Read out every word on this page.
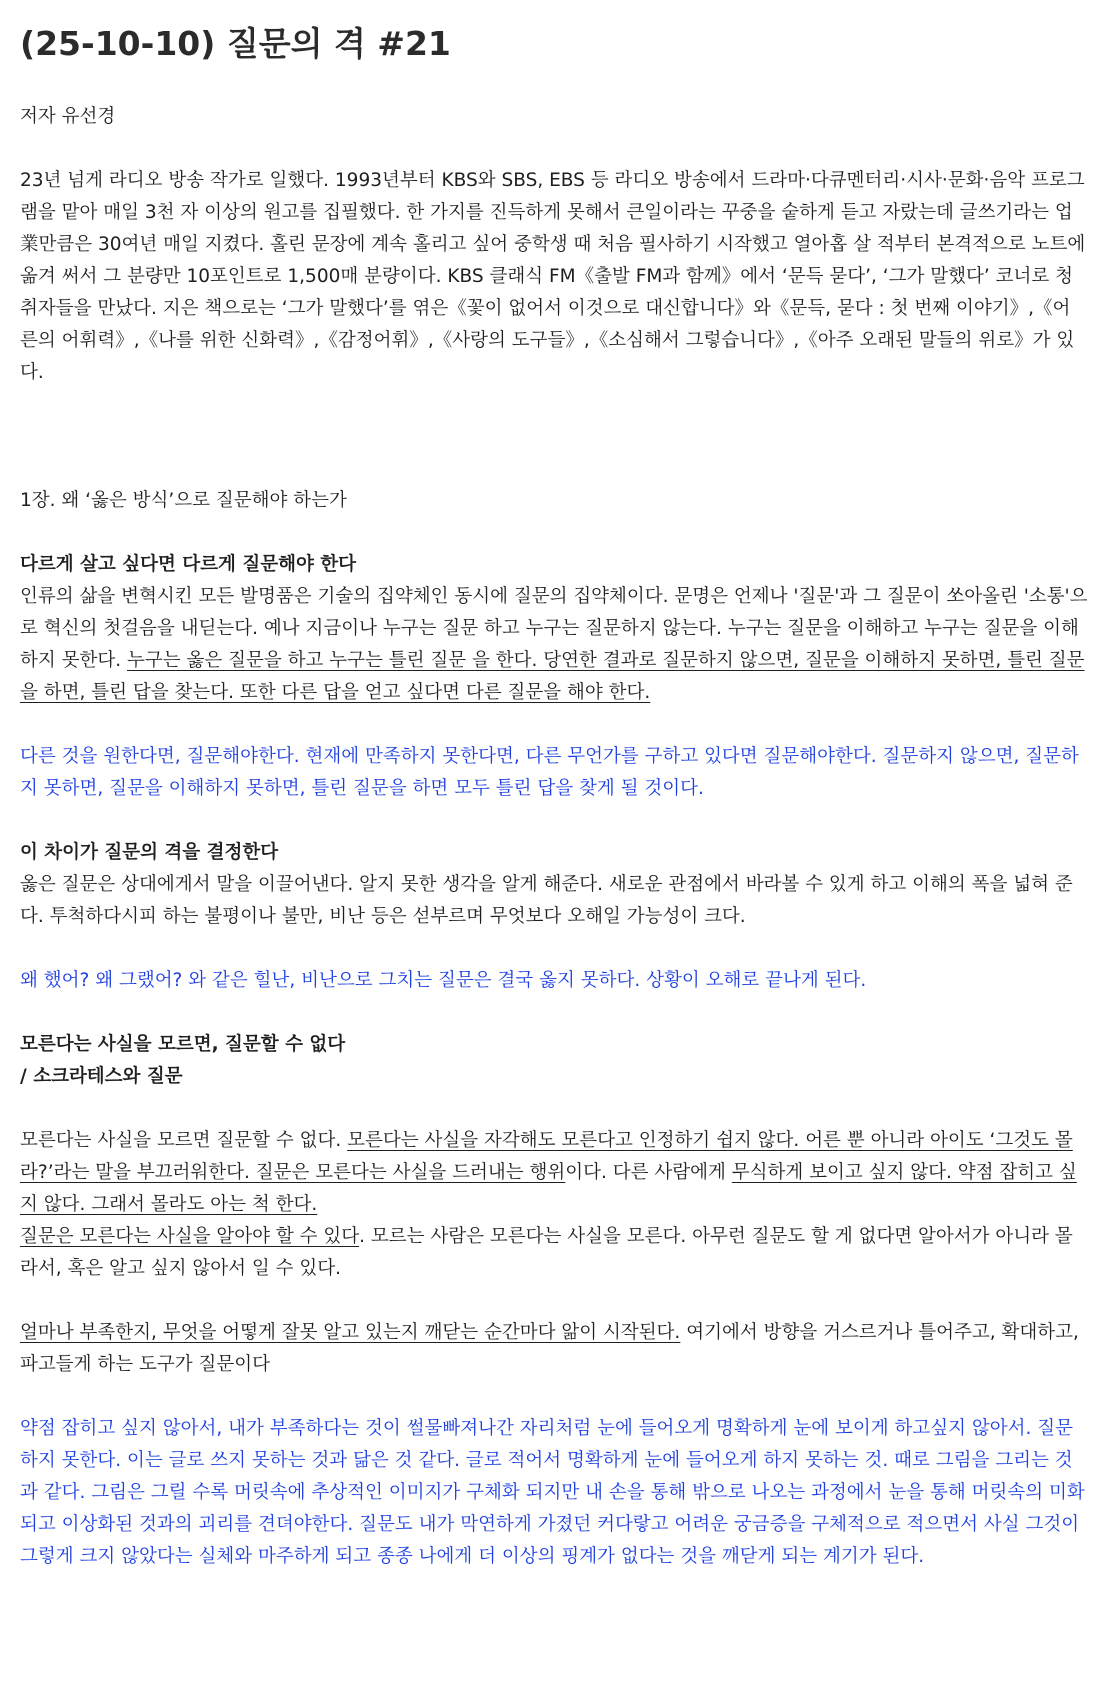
(25-10-10) 질문의 격 #21

저자 유선경

23년 넘게 라디오 방송 작가로 일했다. 1993년부터 KBS와 SBS, EBS 등 라디오 방송에서 드라마·다큐멘터리·시사·문화·음악 프로그램을 맡아 매일 3천 자 이상의 원고를 집필했다. 한 가지를 진득하게 못해서 큰일이라는 꾸중을 숱하게 듣고 자랐는데 글쓰기라는 업業만큼은 30여년 매일 지켰다. 홀린 문장에 계속 홀리고 싶어 중학생 때 처음 필사하기 시작했고 열아홉 살 적부터 본격적으로 노트에 옮겨 써서 그 분량만 10포인트로 1,500매 분량이다. KBS 클래식 FM《출발 FM과 함께》에서 ‘문득 묻다’, ‘그가 말했다’ 코너로 청취자들을 만났다. 지은 책으로는 ‘그가 말했다’를 엮은《꽃이 없어서 이것으로 대신합니다》와《문득, 묻다 : 첫 번째 이야기》,《어른의 어휘력》,《나를 위한 신화력》,《감정어휘》,《사랑의 도구들》,《소심해서 그렇습니다》,《아주 오래된 말들의 위로》가 있다.

1장. 왜 ‘옳은 방식’으로 질문해야 하는가

다르게 살고 싶다면 다르게 질문해야 한다

인류의 삶을 변혁시킨 모든 발명품은 기술의 집약체인 동시에 질문의 집약체이다. 문명은 언제나 '질문'과 그 질문이 쏘아올린 '소통'으로 혁신의 첫걸음을 내딛는다. 예나 지금이나 누구는 질문 하고 누구는 질문하지 않는다. 누구는 질문을 이해하고 누구는 질문을 이해하지 못한다. 누구는 옳은 질문을 하고 누구는 틀린 질문 을 한다. 당연한 결과로 질문하지 않으면, 질문을 이해하지 못하면, 틀린 질문을 하면, 틀린 답을 찾는다. 또한 다른 답을 얻고 싶다면 다른 질문을 해야 한다.

다른 것을 원한다면, 질문해야한다. 현재에 만족하지 못한다면, 다른 무언가를 구하고 있다면 질문해야한다. 질문하지 않으면, 질문하지 못하면, 질문을 이해하지 못하면, 틀린 질문을 하면 모두 틀린 답을 찾게 될 것이다.

이 차이가 질문의 격을 결정한다

옳은 질문은 상대에게서 말을 이끌어낸다. 알지 못한 생각을 알게 해준다. 새로운 관점에서 바라볼 수 있게 하고 이해의 폭을 넓혀 준다. 투척하다시피 하는 불평이나 불만, 비난 등은 섣부르며 무엇보다 오해일 가능성이 크다.

왜 했어? 왜 그랬어? 와 같은 힐난, 비난으로 그치는 질문은 결국 옳지 못하다. 상황이 오해로 끝나게 된다.

모른다는 사실을 모르면, 질문할 수 없다

/ 소크라테스와 질문

모른다는 사실을 모르면 질문할 수 없다. 모른다는 사실을 자각해도 모른다고 인정하기 쉽지 않다. 어른 뿐 아니라 아이도 ‘그것도 몰라?’라는 말을 부끄러워한다. 질문은 모른다는 사실을 드러내는 행위이다. 다른 사람에게 무식하게 보이고 싶지 않다. 약점 잡히고 싶지 않다. 그래서 몰라도 아는 척 한다.

질문은 모른다는 사실을 알아야 할 수 있다. 모르는 사람은 모른다는 사실을 모른다. 아무런 질문도 할 게 없다면 알아서가 아니라 몰라서, 혹은 알고 싶지 않아서 일 수 있다.

얼마나 부족한지, 무엇을 어떻게 잘못 알고 있는지 깨닫는 순간마다 앎이 시작된다. 여기에서 방향을 거스르거나 틀어주고, 확대하고, 파고들게 하는 도구가 질문이다

약점 잡히고 싶지 않아서, 내가 부족하다는 것이 썰물빠져나간 자리처럼 눈에 들어오게 명확하게 눈에 보이게 하고싶지 않아서. 질문하지 못한다. 이는 글로 쓰지 못하는 것과 닮은 것 같다. 글로 적어서 명확하게 눈에 들어오게 하지 못하는 것. 때로 그림을 그리는 것과 같다. 그림은 그릴 수록 머릿속에 추상적인 이미지가 구체화 되지만 내 손을 통해 밖으로 나오는 과정에서 눈을 통해 머릿속의 미화되고 이상화된 것과의 괴리를 견뎌야한다. 질문도 내가 막연하게 가졌던 커다랗고 어려운 궁금증을 구체적으로 적으면서 사실 그것이 그렇게 크지 않았다는 실체와 마주하게 되고 종종 나에게 더 이상의 핑계가 없다는 것을 깨닫게 되는 계기가 된다.
